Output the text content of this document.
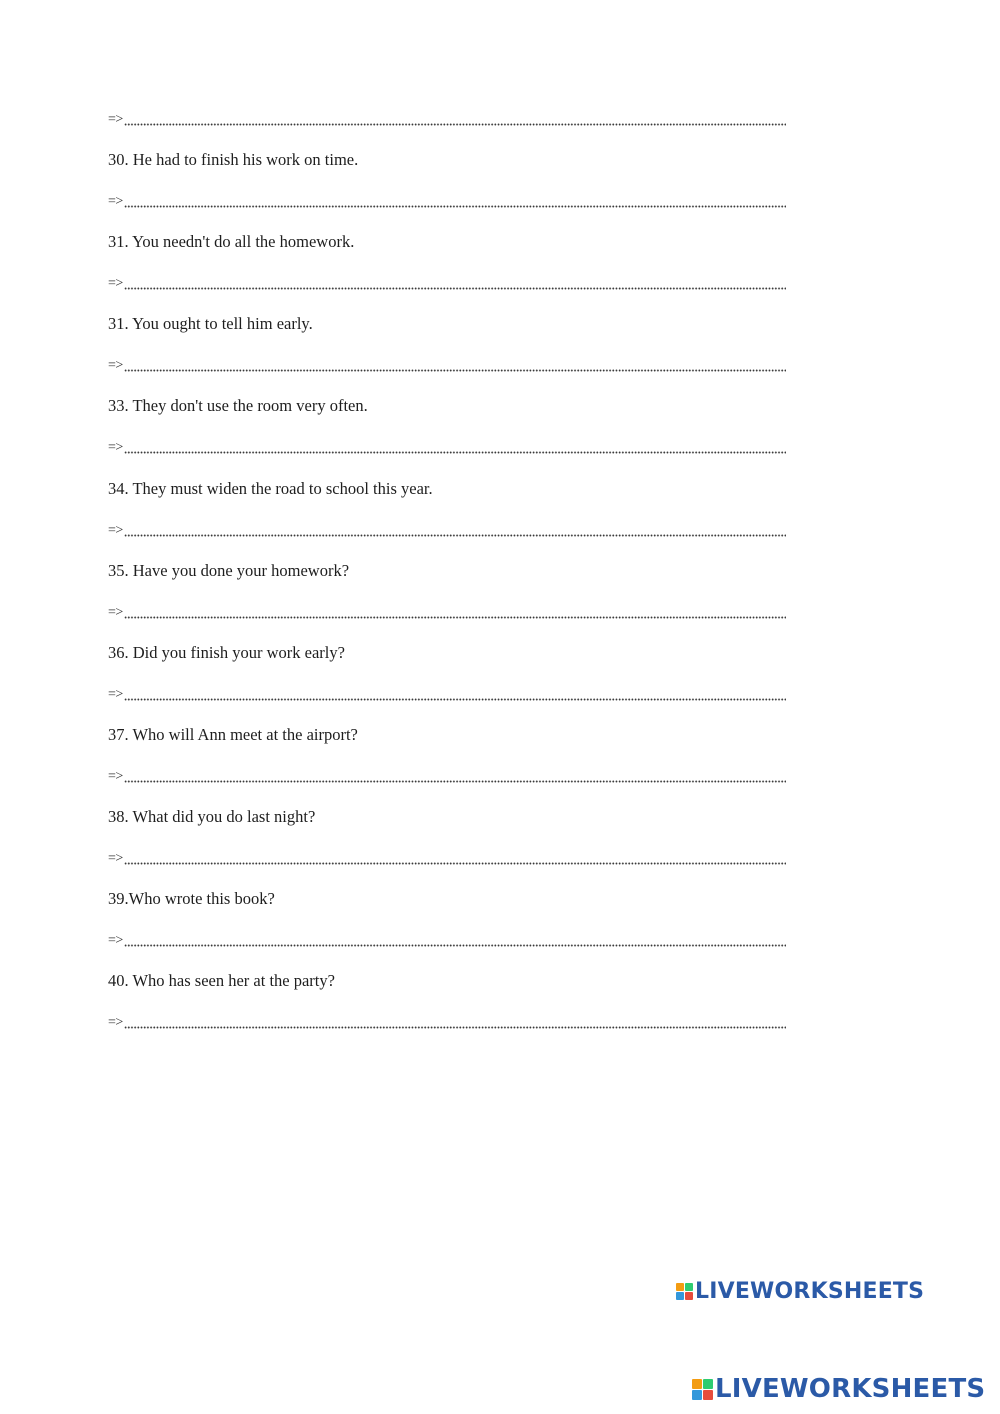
=>
30. He had to finish his work on time.
=>
31. You needn't do all the homework.
=>
31. You ought to tell him early.
=>
33. They don't use the room very often.
=>
34. They must widen the road to school this year.
=>
35. Have you done your homework?
=>
36. Did you finish your work early?
=>
37. Who will Ann meet at the airport?
=>
38. What did you do last night?
=>
39.Who wrote this book?
=>
40. Who has seen her at the party?
=>
LIVEWORKSHEETS
LIVEWORKSHEETS
